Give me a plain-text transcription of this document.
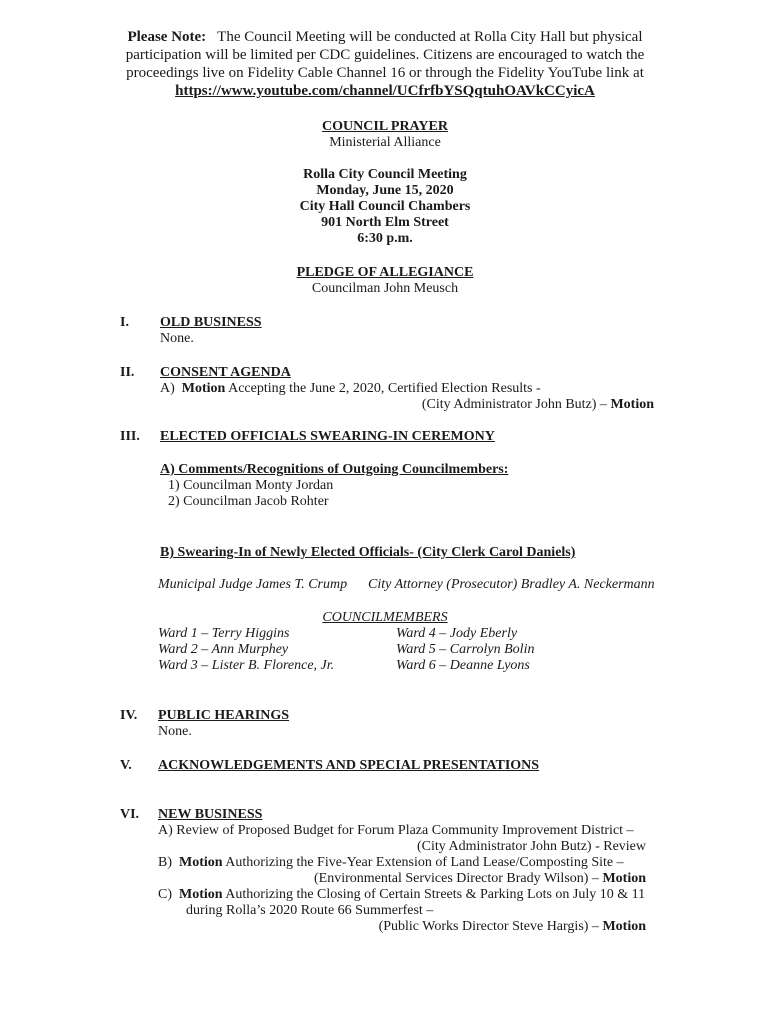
Please Note: The Council Meeting will be conducted at Rolla City Hall but physical participation will be limited per CDC guidelines. Citizens are encouraged to watch the proceedings live on Fidelity Cable Channel 16 or through the Fidelity YouTube link at
https://www.youtube.com/channel/UCfrfbYSQqtuhOAVkCCyicA
COUNCIL PRAYER
Ministerial Alliance
Rolla City Council Meeting
Monday, June 15, 2020
City Hall Council Chambers
901 North Elm Street
6:30 p.m.
PLEDGE OF ALLEGIANCE
Councilman John Meusch
I. OLD BUSINESS
None.
II. CONSENT AGENDA
A) Motion Accepting the June 2, 2020, Certified Election Results -
(City Administrator John Butz) – Motion
III. ELECTED OFFICIALS SWEARING-IN CEREMONY
A) Comments/Recognitions of Outgoing Councilmembers:
1) Councilman Monty Jordan
2) Councilman Jacob Rohter
B) Swearing-In of Newly Elected Officials- (City Clerk Carol Daniels)
Municipal Judge James T. Crump City Attorney (Prosecutor) Bradley A. Neckermann
COUNCILMEMBERS
Ward 1 – Terry Higgins
Ward 2 – Ann Murphey
Ward 3 – Lister B. Florence, Jr.
Ward 4 – Jody Eberly
Ward 5 – Carrolyn Bolin
Ward 6 – Deanne Lyons
IV. PUBLIC HEARINGS
None.
V. ACKNOWLEDGEMENTS AND SPECIAL PRESENTATIONS
VI. NEW BUSINESS
A) Review of Proposed Budget for Forum Plaza Community Improvement District –
(City Administrator John Butz) - Review
B) Motion Authorizing the Five-Year Extension of Land Lease/Composting Site –
(Environmental Services Director Brady Wilson) – Motion
C) Motion Authorizing the Closing of Certain Streets & Parking Lots on July 10 & 11
during Rolla’s 2020 Route 66 Summerfest –
(Public Works Director Steve Hargis) – Motion
